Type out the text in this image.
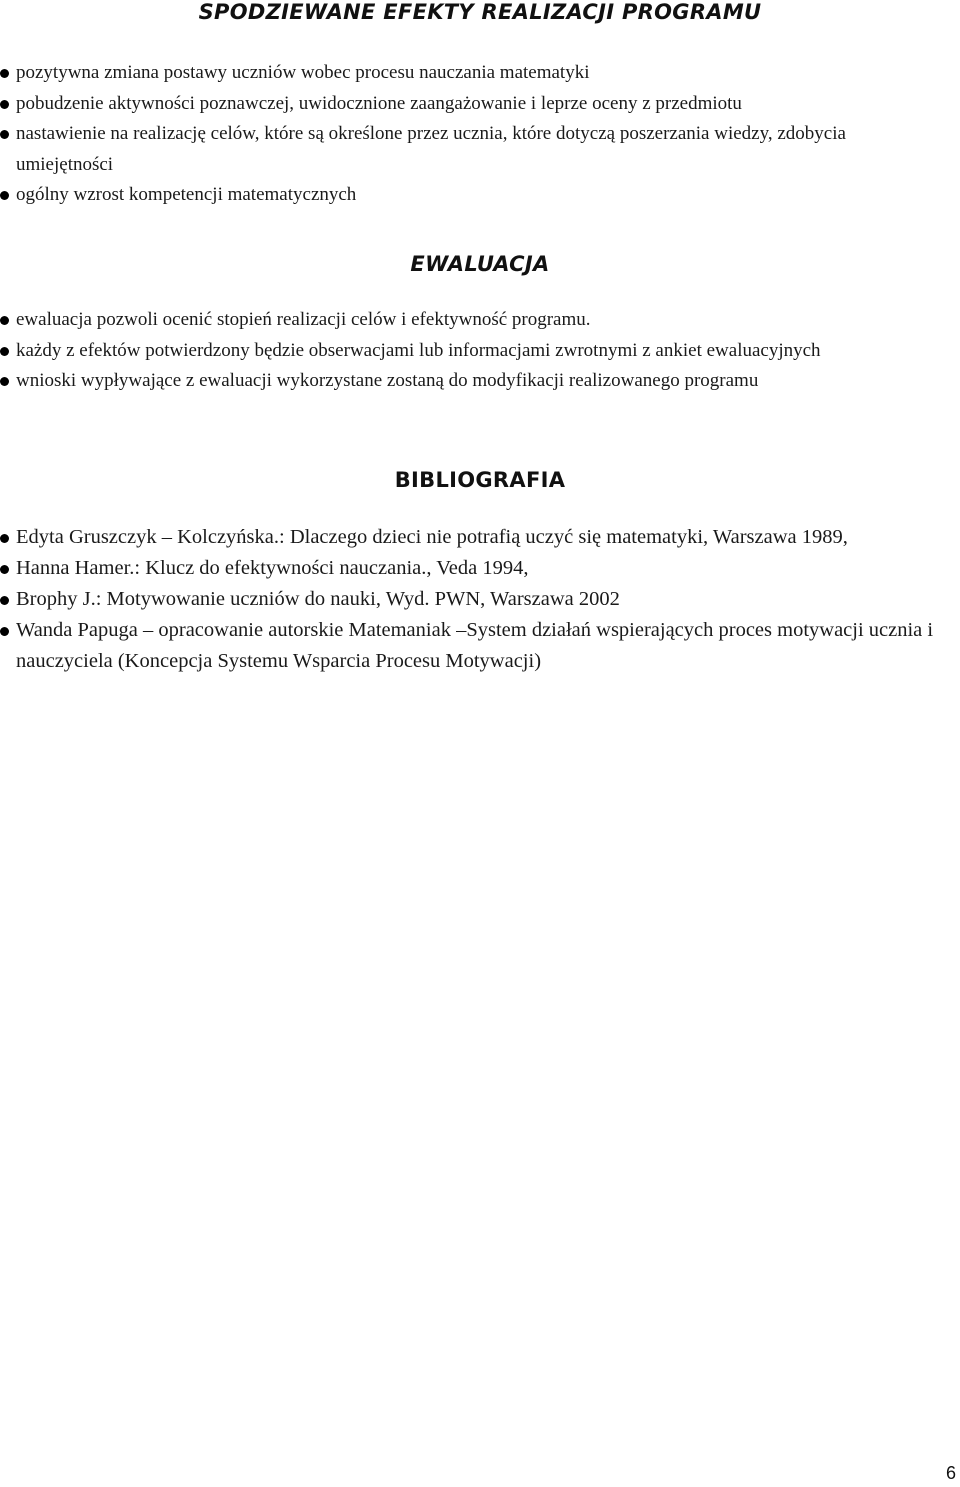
SPODZIEWANE EFEKTY REALIZACJI PROGRAMU
pozytywna zmiana postawy uczniów wobec procesu nauczania matematyki
pobudzenie aktywności poznawczej, uwidocznione zaangażowanie i leprze oceny z przedmiotu
nastawienie na realizację celów, które są określone przez ucznia, które dotyczą poszerzania wiedzy, zdobycia umiejętności
ogólny wzrost kompetencji matematycznych
EWALUACJA
ewaluacja pozwoli ocenić stopień realizacji celów i efektywność programu.
każdy z efektów potwierdzony będzie obserwacjami lub informacjami zwrotnymi z ankiet ewaluacyjnych
wnioski wypływające z ewaluacji wykorzystane zostaną do modyfikacji realizowanego programu
BIBLIOGRAFIA
Edyta Gruszczyk – Kolczyńska.: Dlaczego dzieci nie potrafią uczyć się matematyki, Warszawa 1989,
Hanna Hamer.: Klucz do efektywności nauczania., Veda 1994,
Brophy J.: Motywowanie uczniów do nauki, Wyd. PWN, Warszawa 2002
Wanda Papuga – opracowanie autorskie Matemaniak –System działań wspierających proces motywacji ucznia i nauczyciela (Koncepcja Systemu Wsparcia Procesu Motywacji)
6
